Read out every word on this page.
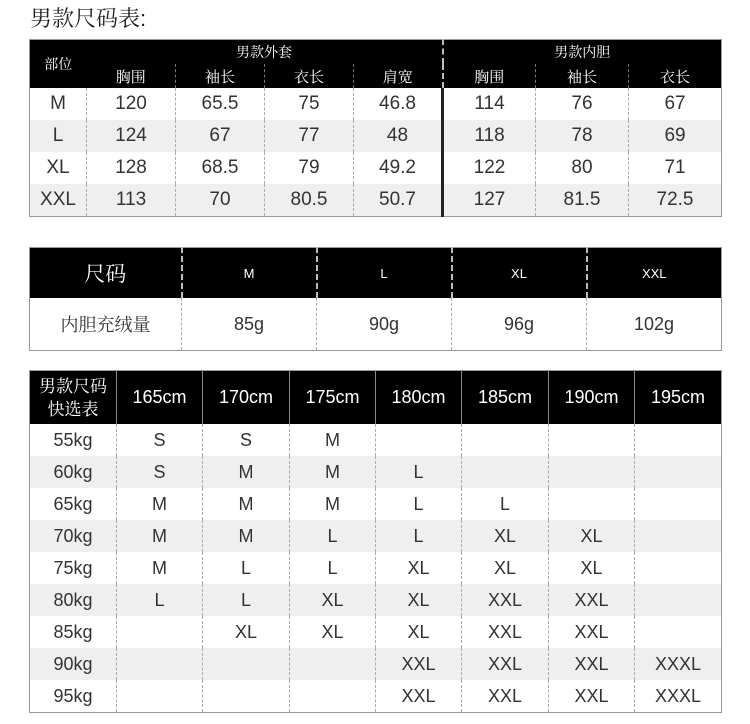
男款尺码表:
部位	男款外套				男款内胆		
	胸围	袖长	衣长	肩宽	胸围	袖长	衣长
M	120	65.5	75	46.8	114	76	67
L	124	67	77	48	118	78	69
XL	128	68.5	79	49.2	122	80	71
XXL	113	70	80.5	50.7	127	81.5	72.5
尺码	M	L	XL	XXL
内胆充绒量	85g	90g	96g	102g
男款尺码
快选表	165cm	170cm	175cm	180cm	185cm	190cm	195cm
55kg	S	S	M				
60kg	S	M	M	L			
65kg	M	M	M	L	L		
70kg	M	M	L	L	XL	XL	
75kg	M	L	L	XL	XL	XL	
80kg	L	L	XL	XL	XXL	XXL	
85kg		XL	XL	XL	XXL	XXL	
90kg				XXL	XXL	XXL	XXXL
95kg				XXL	XXL	XXL	XXXL
